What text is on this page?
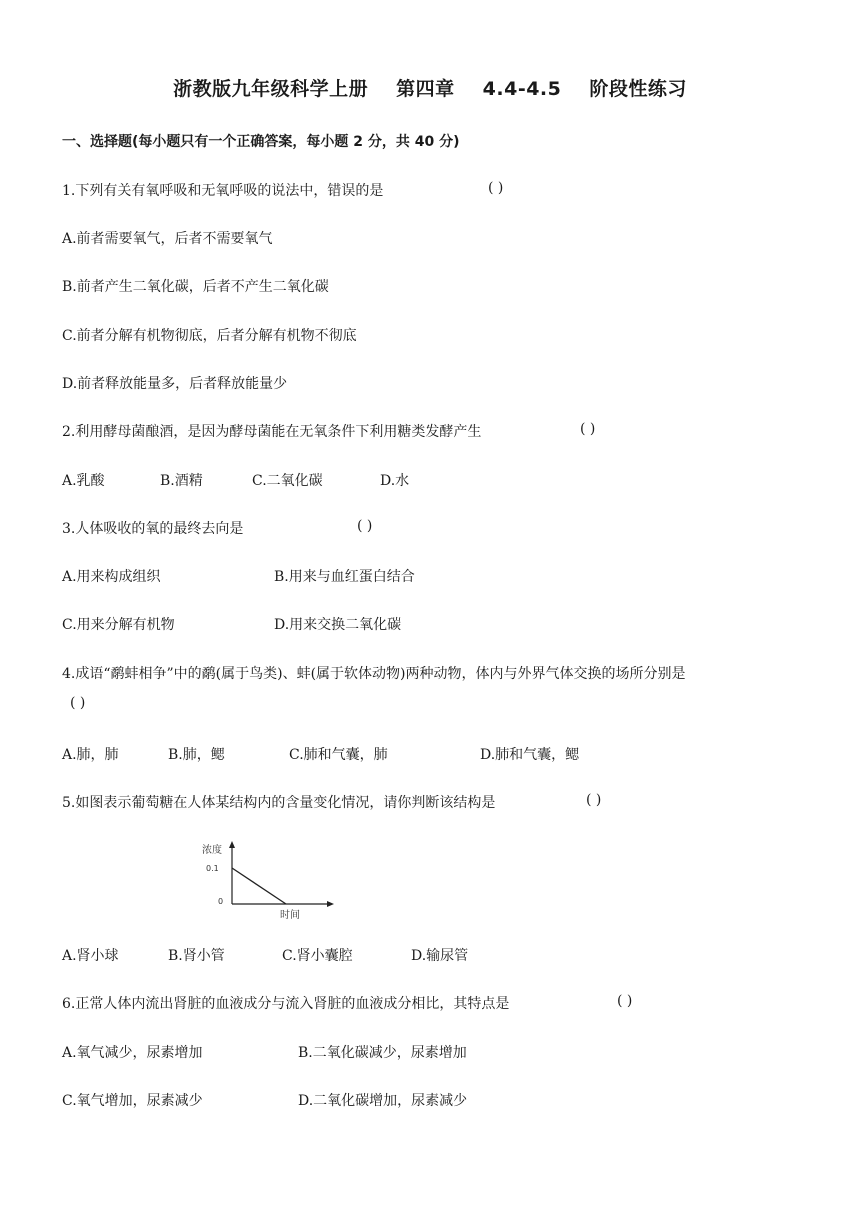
浙教版九年级科学上册 第四章 4.4-4.5 阶段性练习
一、选择题(每小题只有一个正确答案，每小题 2 分，共 40 分)
1.下列有关有氧呼吸和无氧呼吸的说法中，错误的是	( )
A.前者需要氧气，后者不需要氧气
B.前者产生二氧化碳，后者不产生二氧化碳
C.前者分解有机物彻底，后者分解有机物不彻底
D.前者释放能量多，后者释放能量少
2.利用酵母菌酿酒，是因为酵母菌能在无氧条件下利用糖类发酵产生	( )
A.乳酸	B.酒精	C.二氧化碳	D.水
3.人体吸收的氧的最终去向是	( )
A.用来构成组织	B.用来与血红蛋白结合
C.用来分解有机物	D.用来交换二氧化碳
4.成语“鹬蚌相争”中的鹬(属于鸟类)、蚌(属于软体动物)两种动物，体内与外界气体交换的场所分别是
( )
A.肺，肺	B.肺，鳃	C.肺和气囊，肺	D.肺和气囊，鳃
5.如图表示葡萄糖在人体某结构内的含量变化情况，请你判断该结构是	( )
浓度
0.1
0
时间
A.肾小球	B.肾小管	C.肾小囊腔	D.输尿管
6.正常人体内流出肾脏的血液成分与流入肾脏的血液成分相比，其特点是	( )
A.氧气减少，尿素增加	B.二氧化碳减少，尿素增加
C.氧气增加，尿素减少	D.二氧化碳增加，尿素减少
